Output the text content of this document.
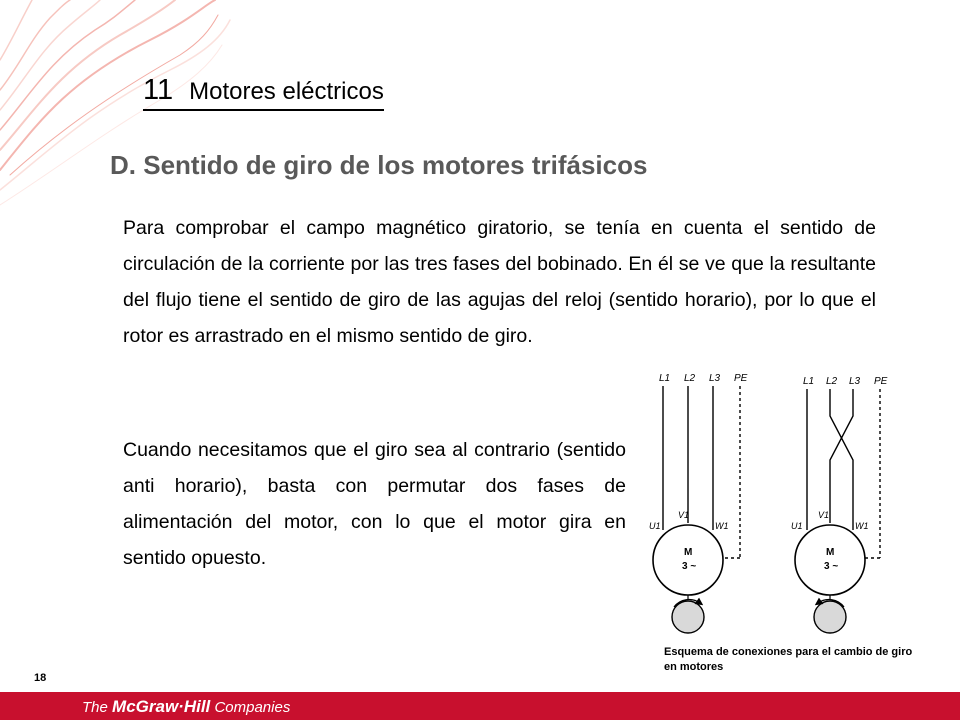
11 Motores eléctricos
D. Sentido de giro de los motores trifásicos
Para comprobar el campo magnético giratorio, se tenía en cuenta el sentido de circulación de la corriente por las tres fases del bobinado. En él se ve que la resultante del flujo tiene el sentido de giro de las agujas del reloj (sentido horario), por lo que el rotor es arrastrado en el mismo sentido de giro.
Cuando necesitamos que el giro sea al contrario (sentido anti horario), basta con permutar dos fases de alimentación del motor, con lo que el motor gira en sentido opuesto.
L1 L2 L3 PE
U1
V1
W1
M
3 ~
L1 L2 L3 PE
U1
V1
W1
M
3 ~
Esquema de conexiones para el cambio de giro en motores
18
The McGraw·Hill Companies
